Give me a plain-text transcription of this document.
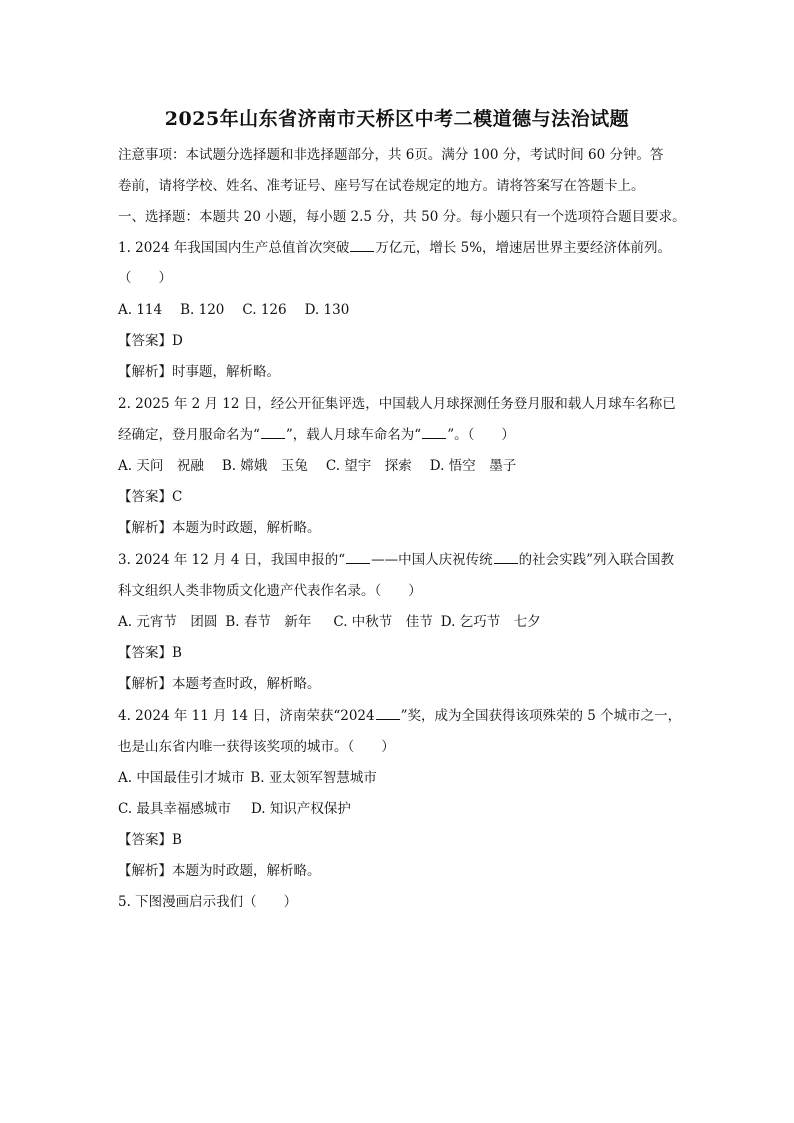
2025年山东省济南市天桥区中考二模道德与法治试题

注意事项：本试题分选择题和非选择题部分，共 6页。满分 100 分，考试时间 60 分钟。答

卷前，请将学校、姓名、准考证号、座号写在试卷规定的地方。请将答案写在答题卡上。

一、选择题：本题共 20 小题，每小题 2.5 分，共 50 分。每小题只有一个选项符合题目要求。

1. 2024 年我国国内生产总值首次突破 万亿元，增长 5%，增速居世界主要经济体前列。

（　　）

A. 114 B. 120 C. 126 D. 130

【答案】D

【解析】时事题，解析略。

2. 2025 年 2 月 12 日，经公开征集评选，中国载人月球探测任务登月服和载人月球车名称已

经确定，登月服命名为“ ”，载人月球车命名为“ ”。（　　）

A. 天问　祝融 B. 嫦娥　玉兔 C. 望宇　探索 D. 悟空　墨子

【答案】C

【解析】本题为时政题，解析略。

3. 2024 年 12 月 4 日，我国申报的“ ——中国人庆祝传统 的社会实践”列入联合国教

科文组织人类非物质文化遗产代表作名录。（　　）

A. 元宵节　团圆 B. 春节　新年 C. 中秋节　佳节 D. 乞巧节　七夕

【答案】B

【解析】本题考查时政，解析略。

4. 2024 年 11 月 14 日，济南荣获“2024 ”奖，成为全国获得该项殊荣的 5 个城市之一，

也是山东省内唯一获得该奖项的城市。（　　）

A. 中国最佳引才城市 B. 亚太领军智慧城市

C. 最具幸福感城市 D. 知识产权保护

【答案】B

【解析】本题为时政题，解析略。

5. 下图漫画启示我们（　　）
